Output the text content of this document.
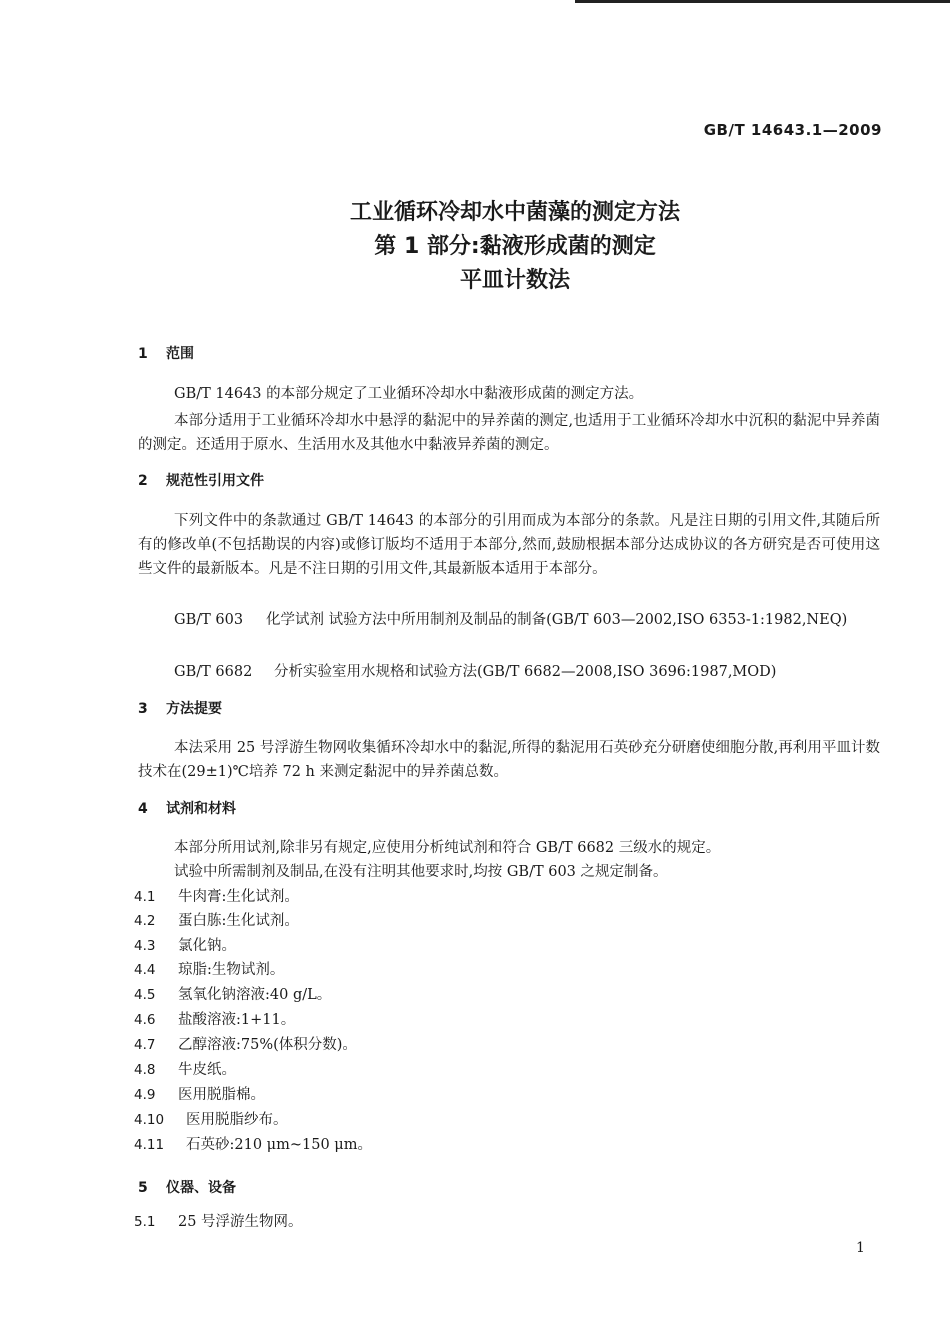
GB/T 14643.1—2009
工业循环冷却水中菌藻的测定方法
第 1 部分:黏液形成菌的测定
平皿计数法
1 范围
GB/T 14643 的本部分规定了工业循环冷却水中黏液形成菌的测定方法。
本部分适用于工业循环冷却水中悬浮的黏泥中的异养菌的测定,也适用于工业循环冷却水中沉积的黏泥中异养菌的测定。还适用于原水、生活用水及其他水中黏液异养菌的测定。
2 规范性引用文件
下列文件中的条款通过 GB/T 14643 的本部分的引用而成为本部分的条款。凡是注日期的引用文件,其随后所有的修改单(不包括勘误的内容)或修订版均不适用于本部分,然而,鼓励根据本部分达成协议的各方研究是否可使用这些文件的最新版本。凡是不注日期的引用文件,其最新版本适用于本部分。
GB/T 603 化学试剂 试验方法中所用制剂及制品的制备(GB/T 603—2002,ISO 6353-1:1982,NEQ)
GB/T 6682 分析实验室用水规格和试验方法(GB/T 6682—2008,ISO 3696:1987,MOD)
3 方法提要
本法采用 25 号浮游生物网收集循环冷却水中的黏泥,所得的黏泥用石英砂充分研磨使细胞分散,再利用平皿计数技术在(29±1)℃培养 72 h 来测定黏泥中的异养菌总数。
4 试剂和材料
本部分所用试剂,除非另有规定,应使用分析纯试剂和符合 GB/T 6682 三级水的规定。
试验中所需制剂及制品,在没有注明其他要求时,均按 GB/T 603 之规定制备。
4.1 牛肉膏:生化试剂。
4.2 蛋白胨:生化试剂。
4.3 氯化钠。
4.4 琼脂:生物试剂。
4.5 氢氧化钠溶液:40 g/L。
4.6 盐酸溶液:1+11。
4.7 乙醇溶液:75%(体积分数)。
4.8 牛皮纸。
4.9 医用脱脂棉。
4.10 医用脱脂纱布。
4.11 石英砂:210 μm~150 μm。
5 仪器、设备
5.1 25 号浮游生物网。
1
